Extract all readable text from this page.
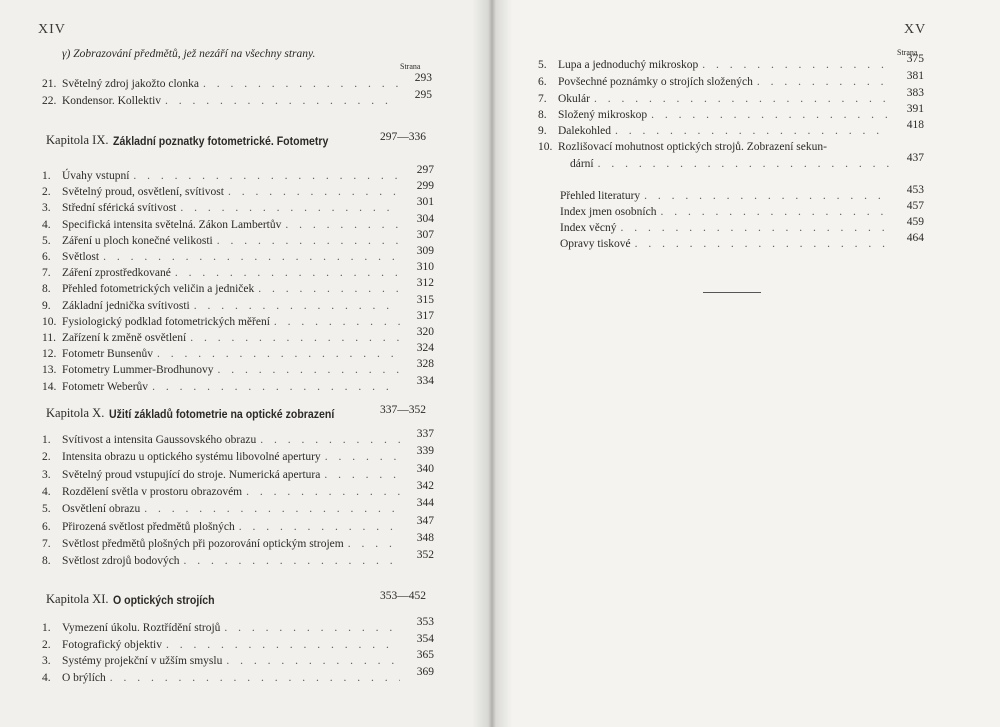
XIV
γ) Zobrazování předmětů, jež nezáří na všechny strany.
Strana
21. Světelný zdroj jakožto clonka . . .	293
22. Kondensor. Kollektiv . . .	295
Kapitola IX. Základní poznatky fotometrické. Fotometry	297—336
1. Úvahy vstupní . . .	297
2. Světelný proud, osvětlení, svítivost . . .	299
3. Střední sférická svítivost . . .	301
4. Specifická intensita světelná. Zákon Lambertův . . .	304
5. Záření u ploch konečné velikosti . . .	307
6. Světlost . . .	309
7. Záření zprostředkované . . .	310
8. Přehled fotometrických veličin a jedniček . . .	312
9. Základní jednička svítivosti . . .	315
10. Fysiologický podklad fotometrických měření . . .	317
11. Zařízení k změně osvětlení . . .	320
12. Fotometr Bunsenův . . .	324
13. Fotometry Lummer-Brodhunovy . . .	328
14. Fotometr Weberův . . .	334
Kapitola X. Užití základů fotometrie na optické zobrazení	337—352
1. Svítivost a intensita Gaussovského obrazu . . .	337
2. Intensita obrazu u optického systému libovolné apertury . . .	339
3. Světelný proud vstupující do stroje. Numerická apertura . . .	340
4. Rozdělení světla v prostoru obrazovém . . .	342
5. Osvětlení obrazu . . .	344
6. Přirozená světlost předmětů plošných . . .	347
7. Světlost předmětů plošných při pozorování optickým strojem . . .	348
8. Světlost zdrojů bodových . . .	352
Kapitola XI. O optických strojích	353—452
1. Vymezení úkolu. Roztřídění strojů . . .	353
2. Fotografický objektiv . . .	354
3. Systémy projekční v užším smyslu . . .	365
4. O brýlích . . .	369
XV
Strana
5. Lupa a jednoduchý mikroskop . . .	375
6. Povšechné poznámky o strojích složených . . .	381
7. Okulár . . .	383
8. Složený mikroskop . . .	391
9. Dalekohled . . .	418
10. Rozlišovací mohutnost optických strojů. Zobrazení sekun-
dární . . .	437
Přehled literatury . . .	453
Index jmen osobních . . .	457
Index věcný . . .	459
Opravy tiskové . . .	464
